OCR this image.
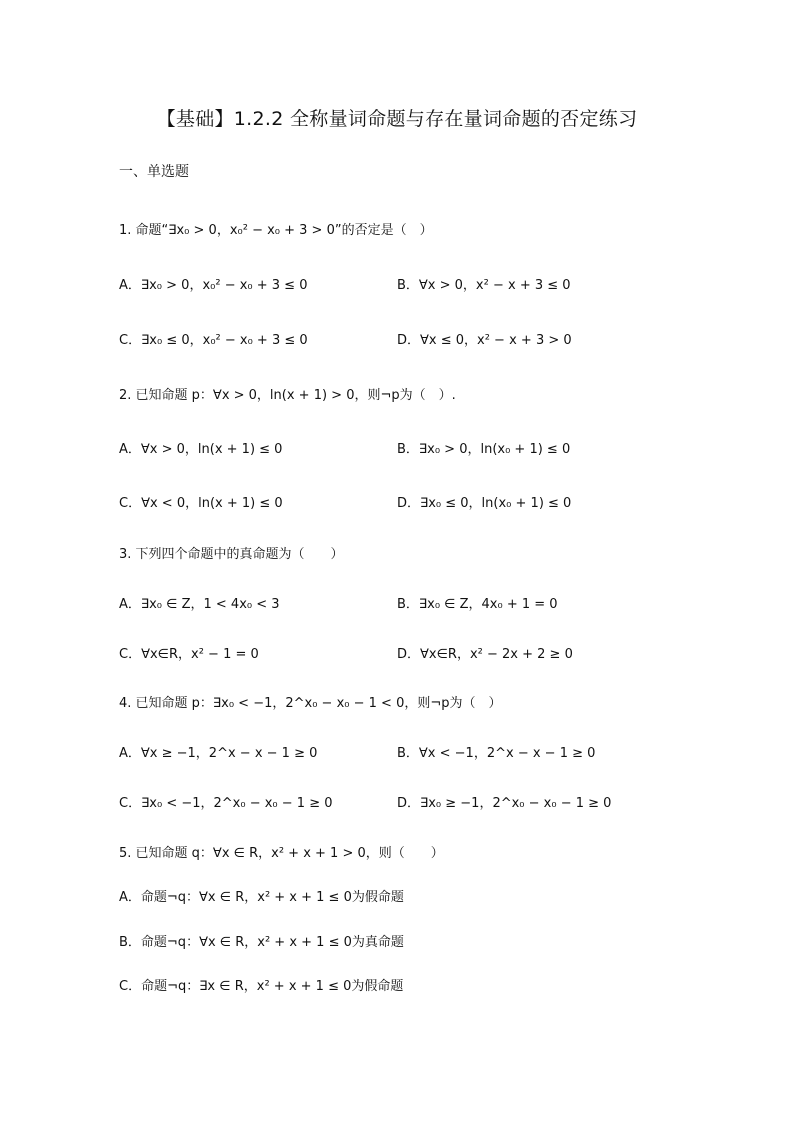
【基础】1.2.2 全称量词命题与存在量词命题的否定练习
一、单选题
1. 命题“∃x₀ > 0，x₀² − x₀ + 3 > 0”的否定是（　）
A．∃x₀ > 0，x₀² − x₀ + 3 ≤ 0	B．∀x > 0，x² − x + 3 ≤ 0
C．∃x₀ ≤ 0，x₀² − x₀ + 3 ≤ 0	D．∀x ≤ 0，x² − x + 3 > 0
2. 已知命题 p：∀x > 0，ln(x + 1) > 0，则¬p为（　）.
A．∀x > 0，ln(x + 1) ≤ 0	B．∃x₀ > 0，ln(x₀ + 1) ≤ 0
C．∀x < 0，ln(x + 1) ≤ 0	D．∃x₀ ≤ 0，ln(x₀ + 1) ≤ 0
3. 下列四个命题中的真命题为（　　）
A．∃x₀ ∈ Z，1 < 4x₀ < 3	B．∃x₀ ∈ Z，4x₀ + 1 = 0
C．∀x∈R，x² − 1 = 0	D．∀x∈R，x² − 2x + 2 ≥ 0
4. 已知命题 p：∃x₀ < −1，2^x₀ − x₀ − 1 < 0，则¬p为（　）
A．∀x ≥ −1，2^x − x − 1 ≥ 0	B．∀x < −1，2^x − x − 1 ≥ 0
C．∃x₀ < −1，2^x₀ − x₀ − 1 ≥ 0	D．∃x₀ ≥ −1，2^x₀ − x₀ − 1 ≥ 0
5. 已知命题 q：∀x ∈ R，x² + x + 1 > 0，则（　　）
A．命题¬q：∀x ∈ R，x² + x + 1 ≤ 0为假命题
B．命题¬q：∀x ∈ R，x² + x + 1 ≤ 0为真命题
C．命题¬q：∃x ∈ R，x² + x + 1 ≤ 0为假命题
